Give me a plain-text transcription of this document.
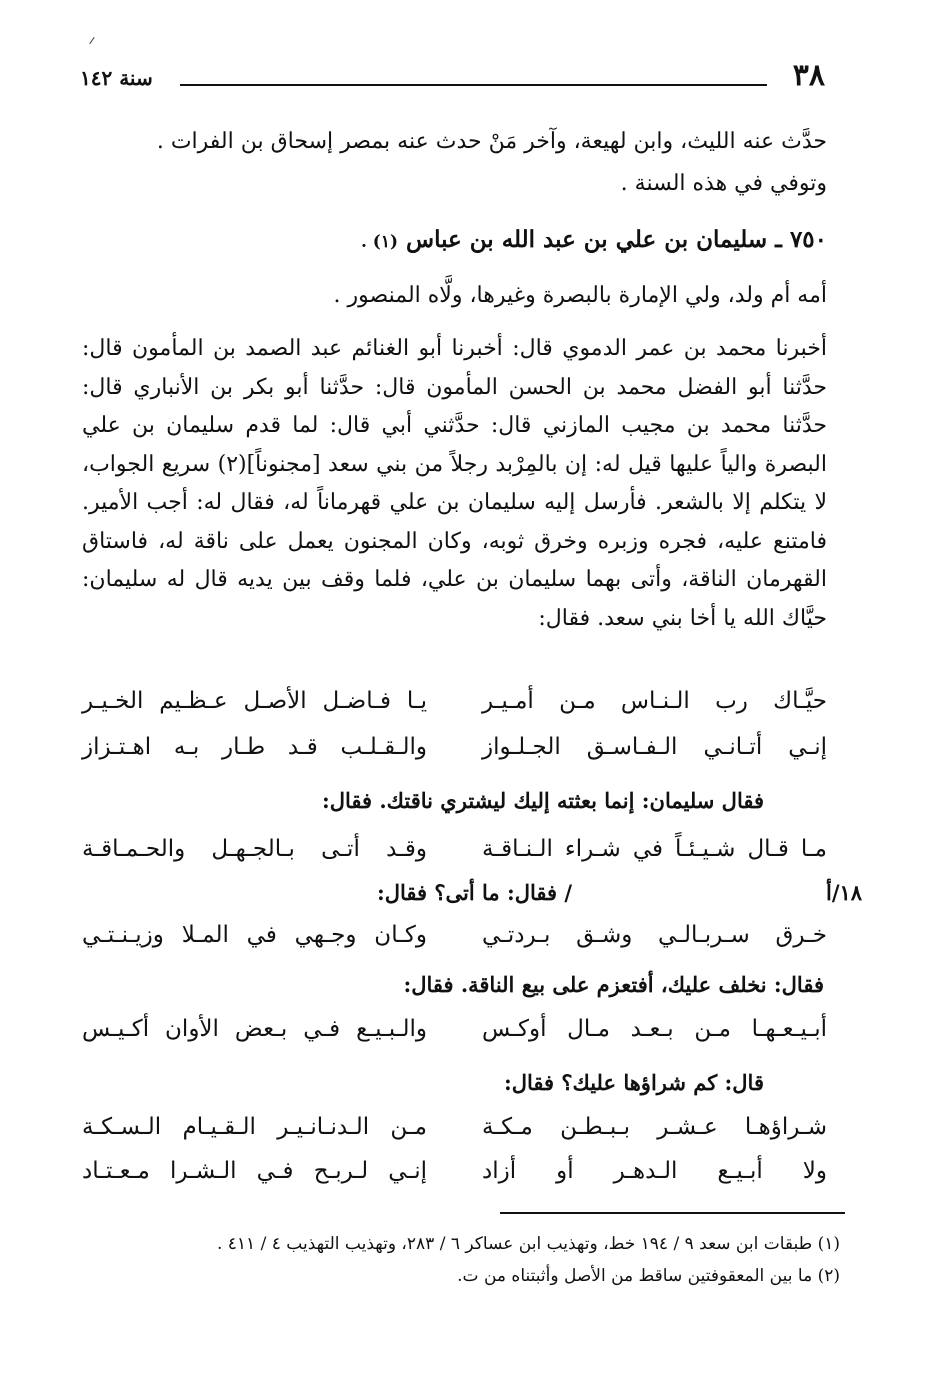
٣٨
سنة ١٤٢

حدَّث عنه الليث، وابن لهيعة، وآخر مَنْ حدث عنه بمصر إسحاق بن الفرات .

وتوفي في هذه السنة .

٧٥٠ ـ سليمان بن علي بن عبد الله بن عباس (١) .

أمه أم ولد، ولي الإمارة بالبصرة وغيرها، ولَّاه المنصور .

أخبرنا محمد بن عمر الدموي قال: أخبرنا أبو الغنائم عبد الصمد بن المأمون قال: حدَّثنا أبو الفضل محمد بن الحسن المأمون قال: حدَّثنا أبو بكر بن الأنباري قال: حدَّثنا محمد بن مجيب المازني قال: حدَّثني أبي قال: لما قدم سليمان بن علي البصرة والياً عليها قيل له: إن بالمِرْبد رجلاً من بني سعد [مجنوناً](٢) سريع الجواب، لا يتكلم إلا بالشعر. فأرسل إليه سليمان بن علي قهرماناً له، فقال له: أجب الأمير. فامتنع عليه، فجره وزبره وخرق ثوبه، وكان المجنون يعمل على ناقة له، فاستاق القهرمان الناقة، وأتى بهما سليمان بن علي، فلما وقف بين يديه قال له سليمان: حيَّاك الله يا أخا بني سعد. فقال:

حيَّـاك رب الـنـاس مـن أمـيـر
يـا فـاضـل الأصـل عـظـيم الخـيـر
إنـي أتـانـي الـفـاسـق الجـلـواز
والـقـلـب قـد طـار بـه اهـتـزاز
فقال سليمان: إنما بعثته إليك ليشتري ناقتك. فقال:
مـا قـال شـيـئـاً في شـراء الـنـاقـة
وقـد أتـى بـالجـهـل والحـمـاقـة
/ فقال: ما أتى؟ فقال:	١٨/أ
خـرق سـربـالـي وشـق بـردتـي
وكـان وجـهي في المـلا وزيـنـتـي
فقال: نخلف عليك، أفتعزم على بيع الناقة. فقال:
أبـيـعـهـا مـن بـعـد مـال أوكـس
والـبـيـع فـي بـعض الأوان أكـيـس
قال: كم شراؤها عليك؟ فقال:
شـراؤهـا عـشـر بـبـطـن مـكـة
مـن الـدنـانـيـر الـقـيـام الـسـكـة
ولا أبـيـع الـدهـر أو أزاد
إنـي لـربـح فـي الـشـرا مـعـتـاد
(١) طبقات ابن سعد ٩ / ١٩٤ خط، وتهذيب ابن عساكر ٦ / ٢٨٣، وتهذيب التهذيب ٤ / ٤١١ .
(٢) ما بين المعقوفتين ساقط من الأصل وأثبتناه من ت.
